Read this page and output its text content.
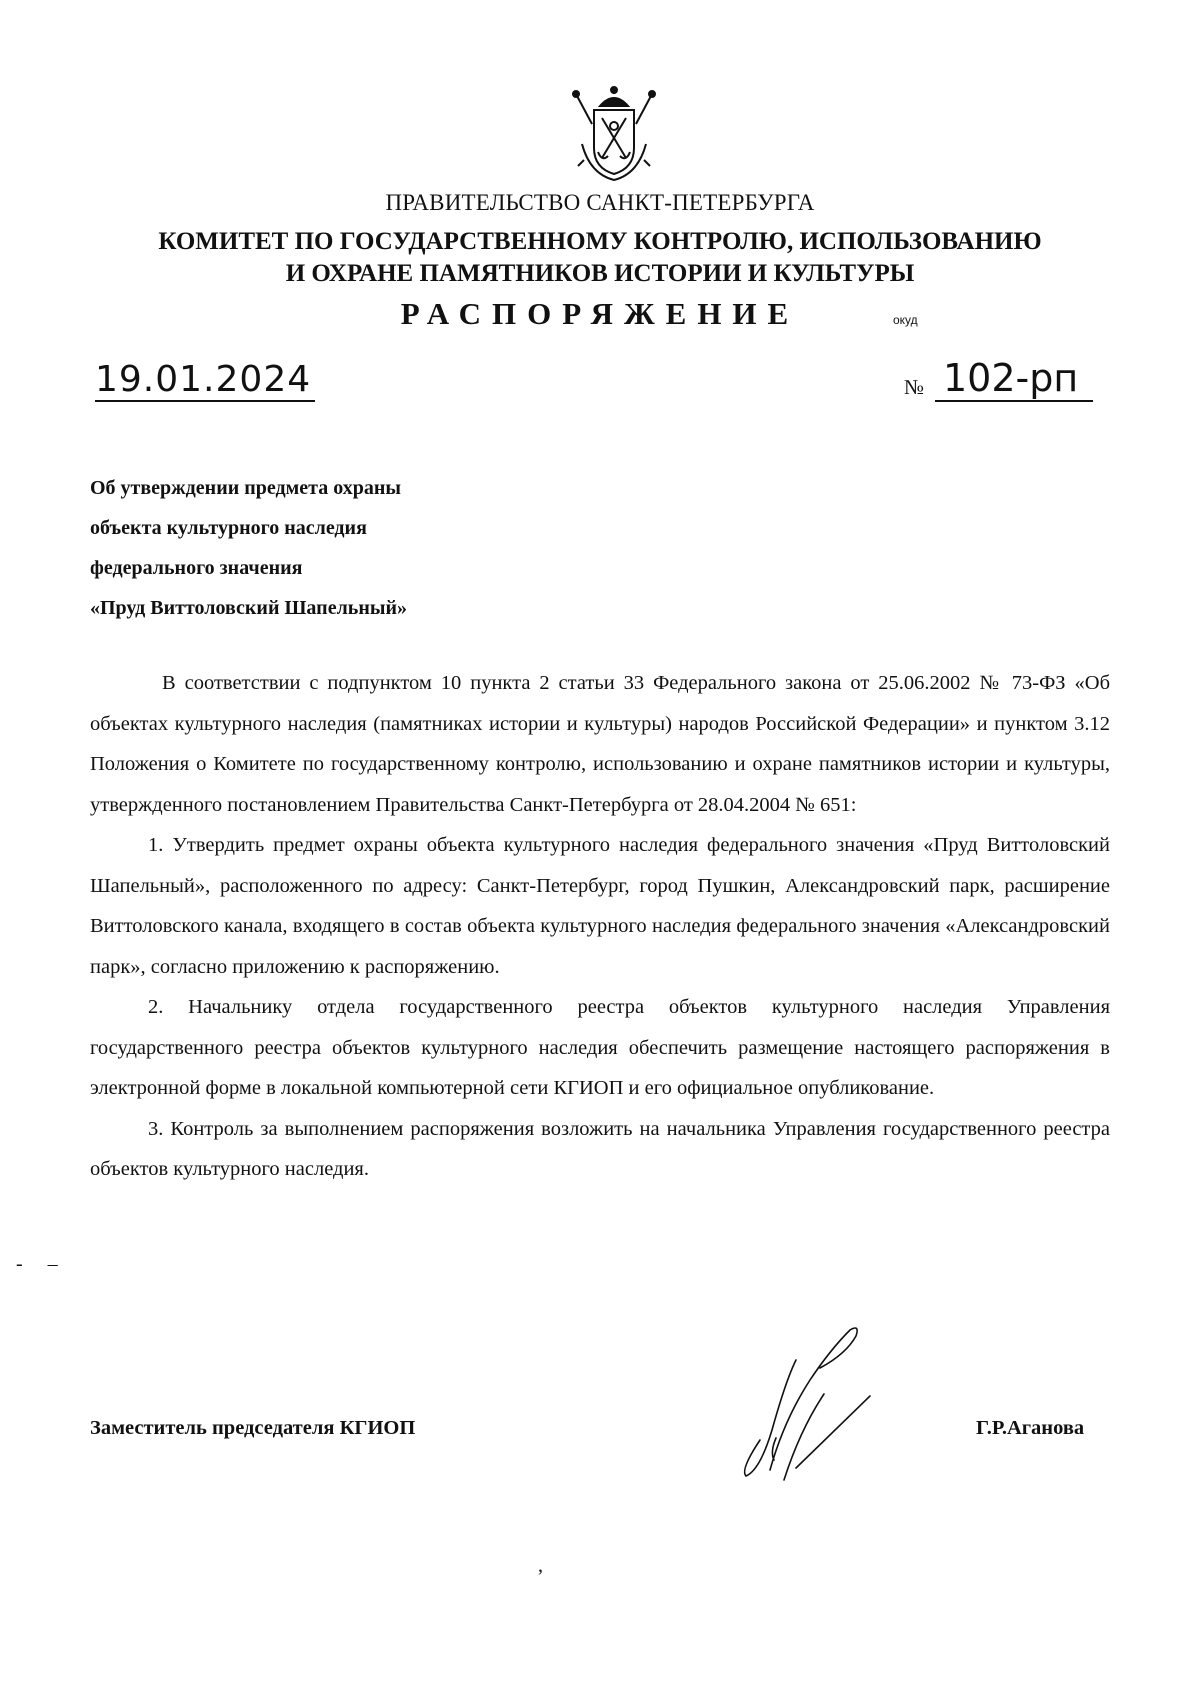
ПРАВИТЕЛЬСТВО САНКТ-ПЕТЕРБУРГА
КОМИТЕТ ПО ГОСУДАРСТВЕННОМУ КОНТРОЛЮ, ИСПОЛЬЗОВАНИЮ
И ОХРАНЕ ПАМЯТНИКОВ ИСТОРИИ И КУЛЬТУРЫ
РАСПОРЯЖЕНИЕ	окуд
19.01.2024	№ 102-рп
Об утверждении предмета охраны
объекта культурного наследия
федерального значения
«Пруд Виттоловский Шапельный»

В соответствии с подпунктом 10 пункта 2 статьи 33 Федерального закона от 25.06.2002 № 73-ФЗ «Об объектах культурного наследия (памятниках истории и культуры) народов Российской Федерации» и пунктом 3.12 Положения о Комитете по государственному контролю, использованию и охране памятников истории и культуры, утвержденного постановлением Правительства Санкт-Петербурга от 28.04.2004 № 651:

1. Утвердить предмет охраны объекта культурного наследия федерального значения «Пруд Виттоловский Шапельный», расположенного по адресу: Санкт-Петербург, город Пушкин, Александровский парк, расширение Виттоловского канала, входящего в состав объекта культурного наследия федерального значения «Александровский парк», согласно приложению к распоряжению.

2. Начальнику отдела государственного реестра объектов культурного наследия Управления государственного реестра объектов культурного наследия обеспечить размещение настоящего распоряжения в электронной форме в локальной компьютерной сети КГИОП и его официальное опубликование.

3. Контроль за выполнением распоряжения возложить на начальника Управления государственного реестра объектов культурного наследия.

- –
Заместитель председателя КГИОП	Г.Р.Аганова
ʼ
